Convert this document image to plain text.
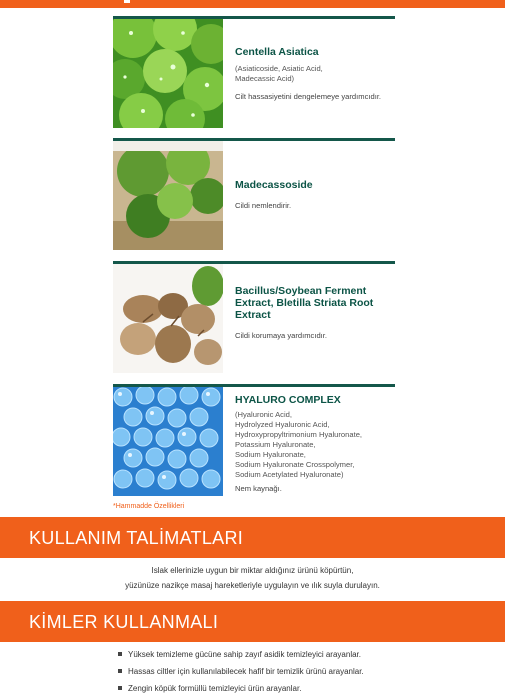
Centella Asiatica
(Asiaticoside, Asiatic Acid, Madecassic Acid)
Cilt hassasiyetini dengelemeye yardımcıdır.
Madecassoside
Cildi nemlendirir.
Bacillus/Soybean Ferment Extract, Bletilla Striata Root Extract
Cildi korumaya yardımcıdır.
HYALURO COMPLEX
(Hyaluronic Acid,
Hydrolyzed Hyaluronic Acid,
Hydroxypropyltrimonium Hyaluronate,
Potassium Hyaluronate,
Sodium Hyaluronate,
Sodium Hyaluronate Crosspolymer,
Sodium Acetylated Hyaluronate)
Nem kaynağı.
*Hammadde Özellikleri
KULLANIM TALİMATLARI
Islak ellerinizle uygun bir miktar aldığınız ürünü köpürtün,
yüzünüze nazikçe masaj hareketleriyle uygulayın ve ılık suyla durulayın.
KİMLER KULLANMALI
Yüksek temizleme gücüne sahip zayıf asidik temizleyici arayanlar.
Hassas ciltler için kullanılabilecek hafif bir temizlik ürünü arayanlar.
Zengin köpük formüllü temizleyici ürün arayanlar.
